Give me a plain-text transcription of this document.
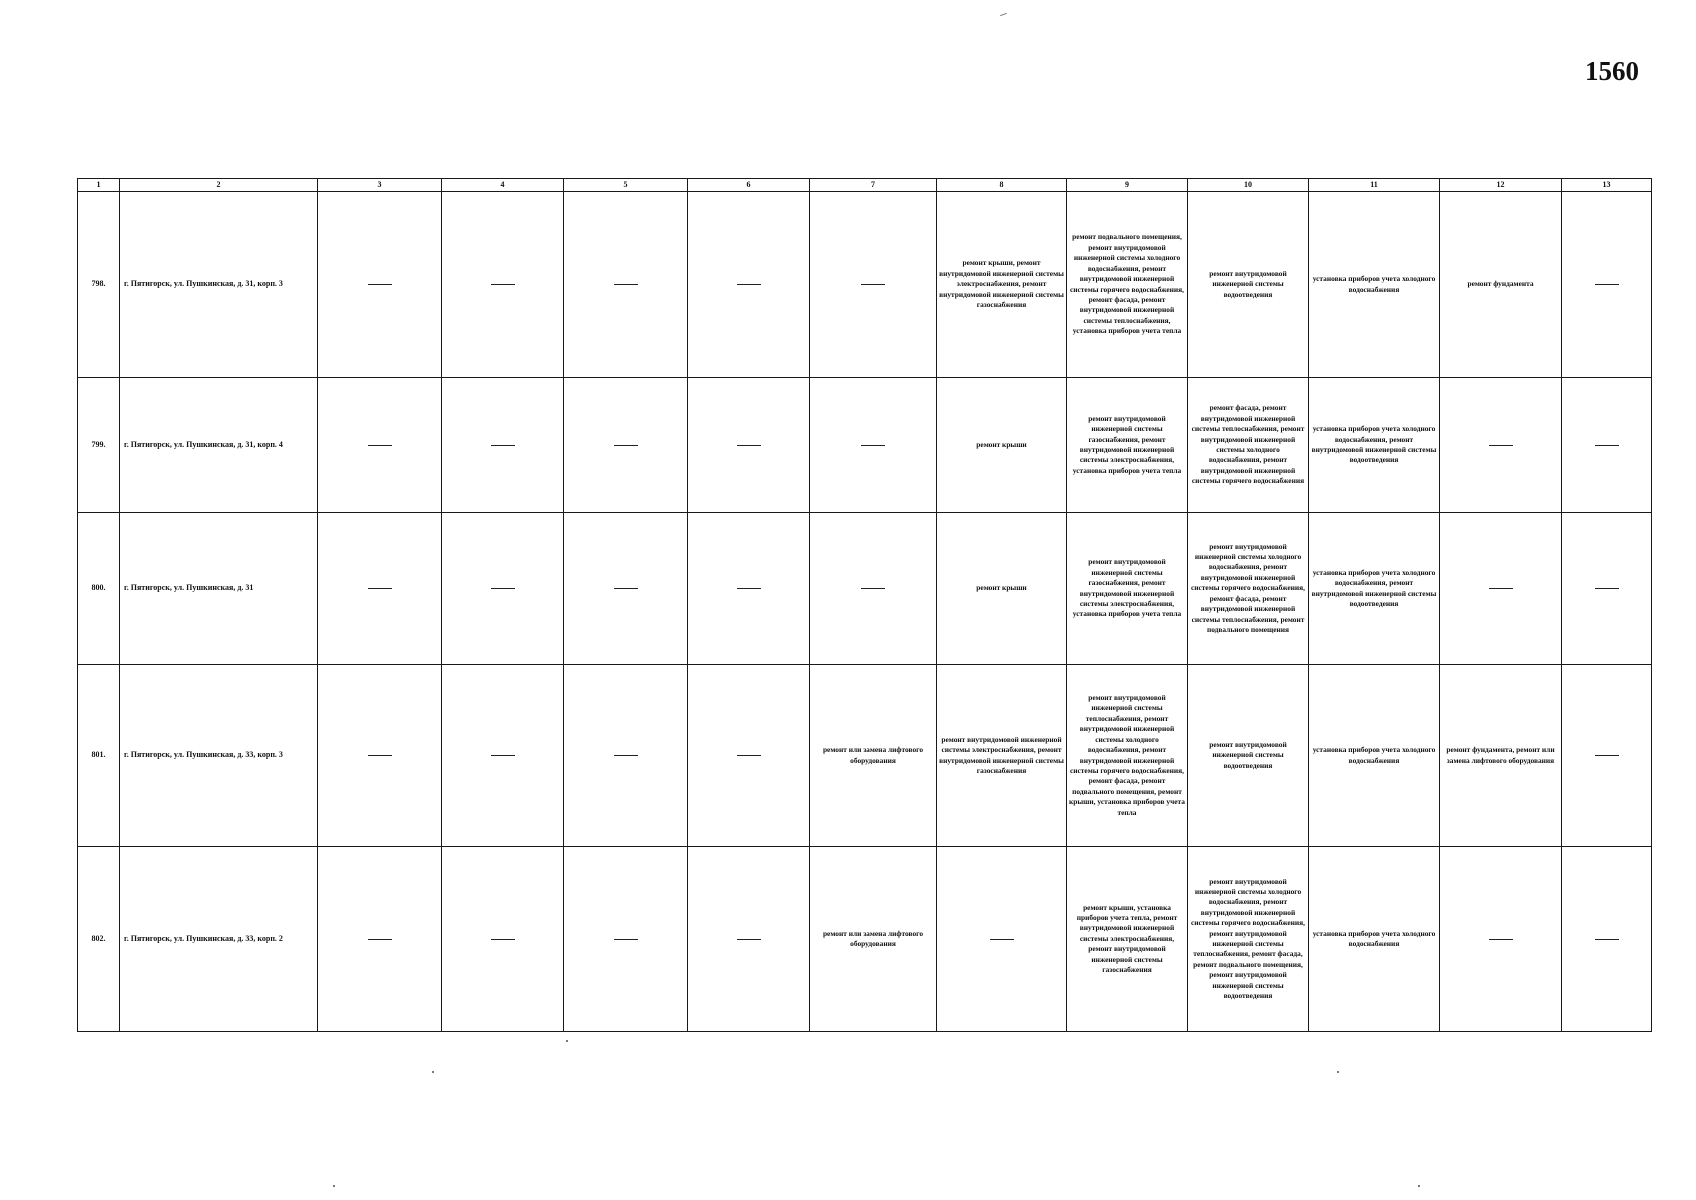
1560
1	2	3	4	5	6	7	8	9	10	11	12	13
798.	г. Пятигорск, ул. Пушкинская, д. 31, корп. 3						ремонт крыши, ремонт внутридомовой инженерной системы электроснабжения, ремонт внутридомовой инженерной системы газоснабжения	ремонт подвального помещения, ремонт внутридомовой инженерной системы холодного водоснабжения, ремонт внутридомовой инженерной системы горячего водоснабжения, ремонт фасада, ремонт внутридомовой инженерной системы теплоснабжения, установка приборов учета тепла	ремонт внутридомовой инженерной системы водоотведения	установка приборов учета холодного водоснабжения	ремонт фундамента	

799.	г. Пятигорск, ул. Пушкинская, д. 31, корп. 4						ремонт крыши	ремонт внутридомовой инженерной системы газоснабжения, ремонт внутридомовой инженерной системы электроснабжения, установка приборов учета тепла	ремонт фасада, ремонт внутридомовой инженерной системы теплоснабжения, ремонт внутридомовой инженерной системы холодного водоснабжения, ремонт внутридомовой инженерной системы горячего водоснабжения	установка приборов учета холодного водоснабжения, ремонт внутридомовой инженерной системы водоотведения		

800.	г. Пятигорск, ул. Пушкинская, д. 31						ремонт крыши	ремонт внутридомовой инженерной системы газоснабжения, ремонт внутридомовой инженерной системы электроснабжения, установка приборов учета тепла	ремонт внутридомовой инженерной системы холодного водоснабжения, ремонт внутридомовой инженерной системы горячего водоснабжения, ремонт фасада, ремонт внутридомовой инженерной системы теплоснабжения, ремонт подвального помещения	установка приборов учета холодного водоснабжения, ремонт внутридомовой инженерной системы водоотведения		

801.	г. Пятигорск, ул. Пушкинская, д. 33, корп. 3					ремонт или замена лифтового оборудования	ремонт внутридомовой инженерной системы электроснабжения, ремонт внутридомовой инженерной системы газоснабжения	ремонт внутридомовой инженерной системы теплоснабжения, ремонт внутридомовой инженерной системы холодного водоснабжения, ремонт внутридомовой инженерной системы горячего водоснабжения, ремонт фасада, ремонт подвального помещения, ремонт крыши, установка приборов учета тепла	ремонт внутридомовой инженерной системы водоотведения	установка приборов учета холодного водоснабжения	ремонт фундамента, ремонт или замена лифтового оборудования	

802.	г. Пятигорск, ул. Пушкинская, д. 33, корп. 2					ремонт или замена лифтового оборудования		ремонт крыши, установка приборов учета тепла, ремонт внутридомовой инженерной системы электроснабжения, ремонт внутридомовой инженерной системы газоснабжения	ремонт внутридомовой инженерной системы холодного водоснабжения, ремонт внутридомовой инженерной системы горячего водоснабжения, ремонт внутридомовой инженерной системы теплоснабжения, ремонт фасада, ремонт подвального помещения, ремонт внутридомовой инженерной системы водоотведения	установка приборов учета холодного водоснабжения		
